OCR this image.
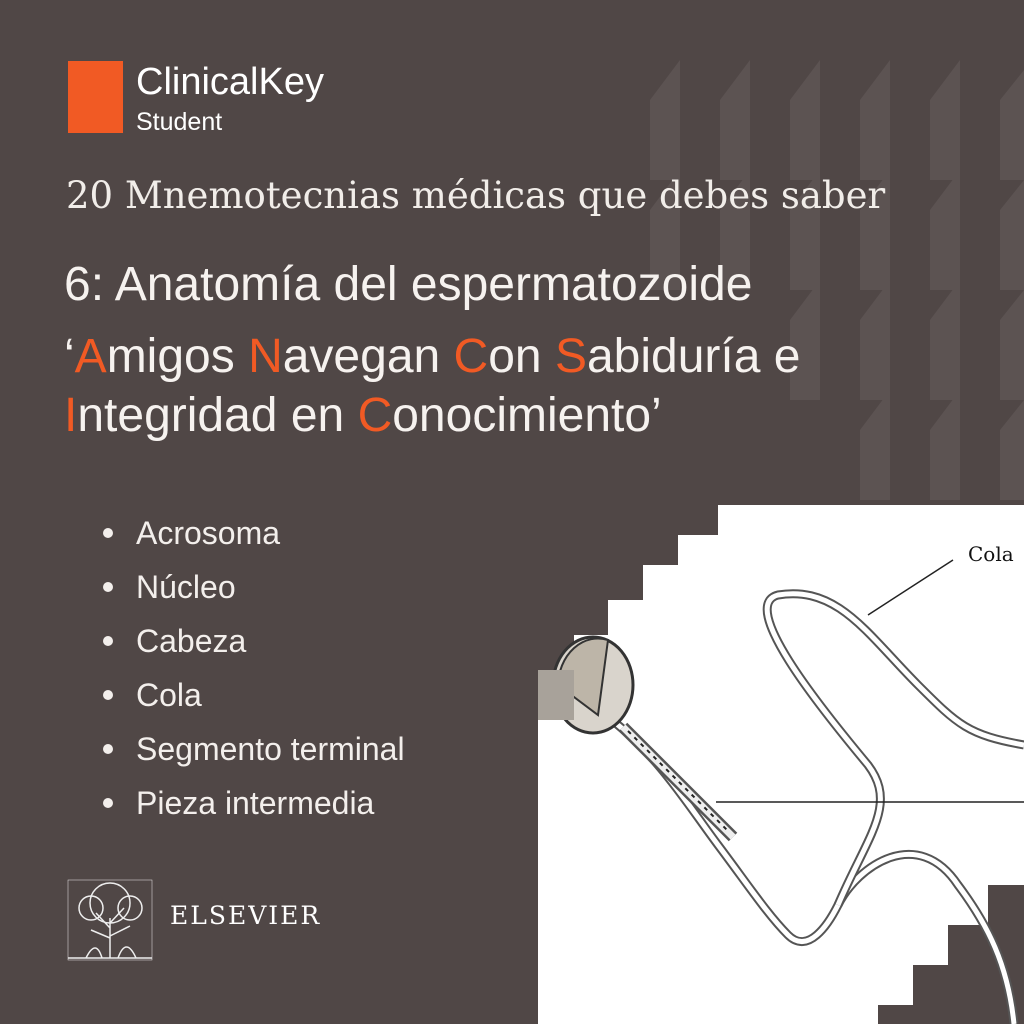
ClinicalKey
Student
20 Mnemotecnias médicas que debes saber
6: Anatomía del espermatozoide
‘Amigos Navegan Con Sabiduría e
Integridad en Conocimiento’
Acrosoma
Núcleo
Cabeza
Cola
Segmento terminal
Pieza intermedia
Cola
ELSEVIER
